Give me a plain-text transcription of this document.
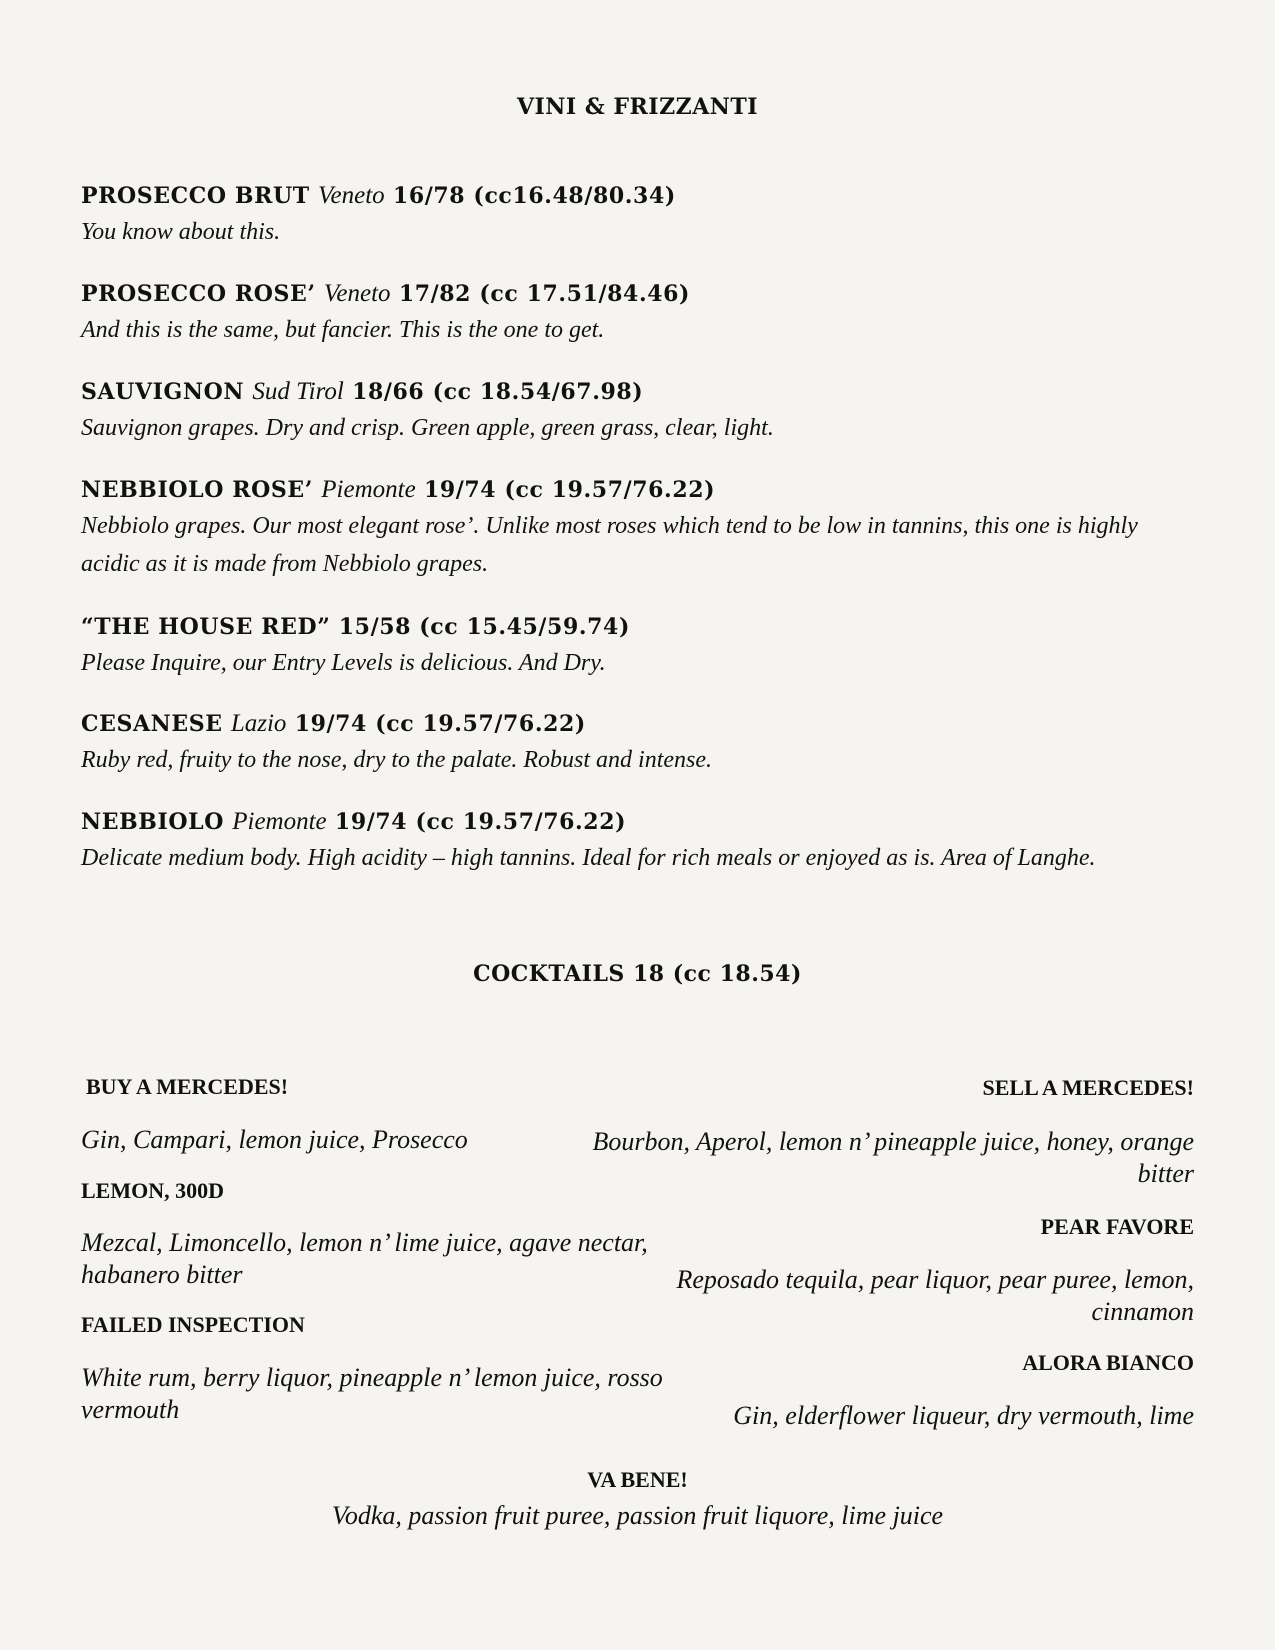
VINI & FRIZZANTI
PROSECCO BRUT Veneto 16/78 (cc16.48/80.34)
You know about this.
PROSECCO ROSE’ Veneto 17/82 (cc 17.51/84.46)
And this is the same, but fancier. This is the one to get.
SAUVIGNON Sud Tirol 18/66 (cc 18.54/67.98)
Sauvignon grapes. Dry and crisp. Green apple, green grass, clear, light.
NEBBIOLO ROSE’ Piemonte 19/74 (cc 19.57/76.22)
Nebbiolo grapes. Our most elegant rose’. Unlike most roses which tend to be low in tannins, this one is highly acidic as it is made from Nebbiolo grapes.
“THE HOUSE RED” 15/58 (cc 15.45/59.74)
Please Inquire, our Entry Levels is delicious. And Dry.
CESANESE Lazio 19/74 (cc 19.57/76.22)
Ruby red, fruity to the nose, dry to the palate. Robust and intense.
NEBBIOLO Piemonte 19/74 (cc 19.57/76.22)
Delicate medium body. High acidity – high tannins. Ideal for rich meals or enjoyed as is. Area of Langhe.
COCKTAILS 18 (cc 18.54)
BUY A MERCEDES!
Gin, Campari, lemon juice, Prosecco
LEMON, 300D
Mezcal, Limoncello, lemon n’ lime juice, agave nectar, habanero bitter
FAILED INSPECTION
White rum, berry liquor, pineapple n’ lemon juice, rosso vermouth
SELL A MERCEDES!
Bourbon, Aperol, lemon n’ pineapple juice, honey, orange bitter
PEAR FAVORE
Reposado tequila, pear liquor, pear puree, lemon, cinnamon
ALORA BIANCO
Gin, elderflower liqueur, dry vermouth, lime
VA BENE!
Vodka, passion fruit puree, passion fruit liquore, lime juice
